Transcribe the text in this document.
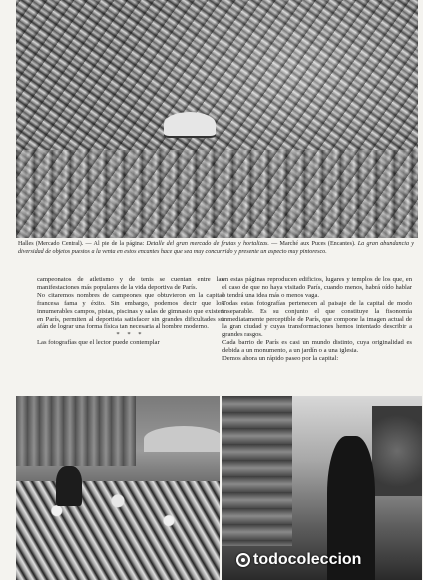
Halles (Mercado Central). — Al pie de la página: Detalle del gran mercado de frutas y hortalizas. — Marché aux Puces (Encantes). La gran abundancia y diversidad de objetos puestos a la venta en estos encantes hace que sea muy concurrido y presente un aspecto muy pintoresco.

campeonatos de atletismo y de tenis se cuentan entre las manifestaciones más populares de la vida deportiva de París.

No citaremos nombres de campeones que obtuvieron en la capital francesa fama y éxito. Sin embargo, podemos decir que los innumerables campos, pistas, piscinas y salas de gimnasio que existen en París, permiten al deportista satisfacer sin grandes dificultades su afán de lograr una forma física tan necesaria al hombre moderno.

* * *

Las fotografías que el lector puede contemplar

en estas páginas reproducen edificios, lugares y templos de los que, en el caso de que no haya visitado París, cuando menos, habrá oído hablar o tendrá una idea más o menos vaga.

Todas estas fotografías pertenecen al paisaje de la capital de modo inseparable. Es su conjunto el que constituye la fisonomía inmediatamente perceptible de París, que compone la imagen actual de la gran ciudad y cuyas transformaciones hemos intentado describir a grandes rasgos.

Cada barrio de París es casi un mundo distinto, cuya originalidad es debida a un monumento, a un jardín o a una iglesia.

Demos ahora un rápido paseo por la capital:

todocoleccion
